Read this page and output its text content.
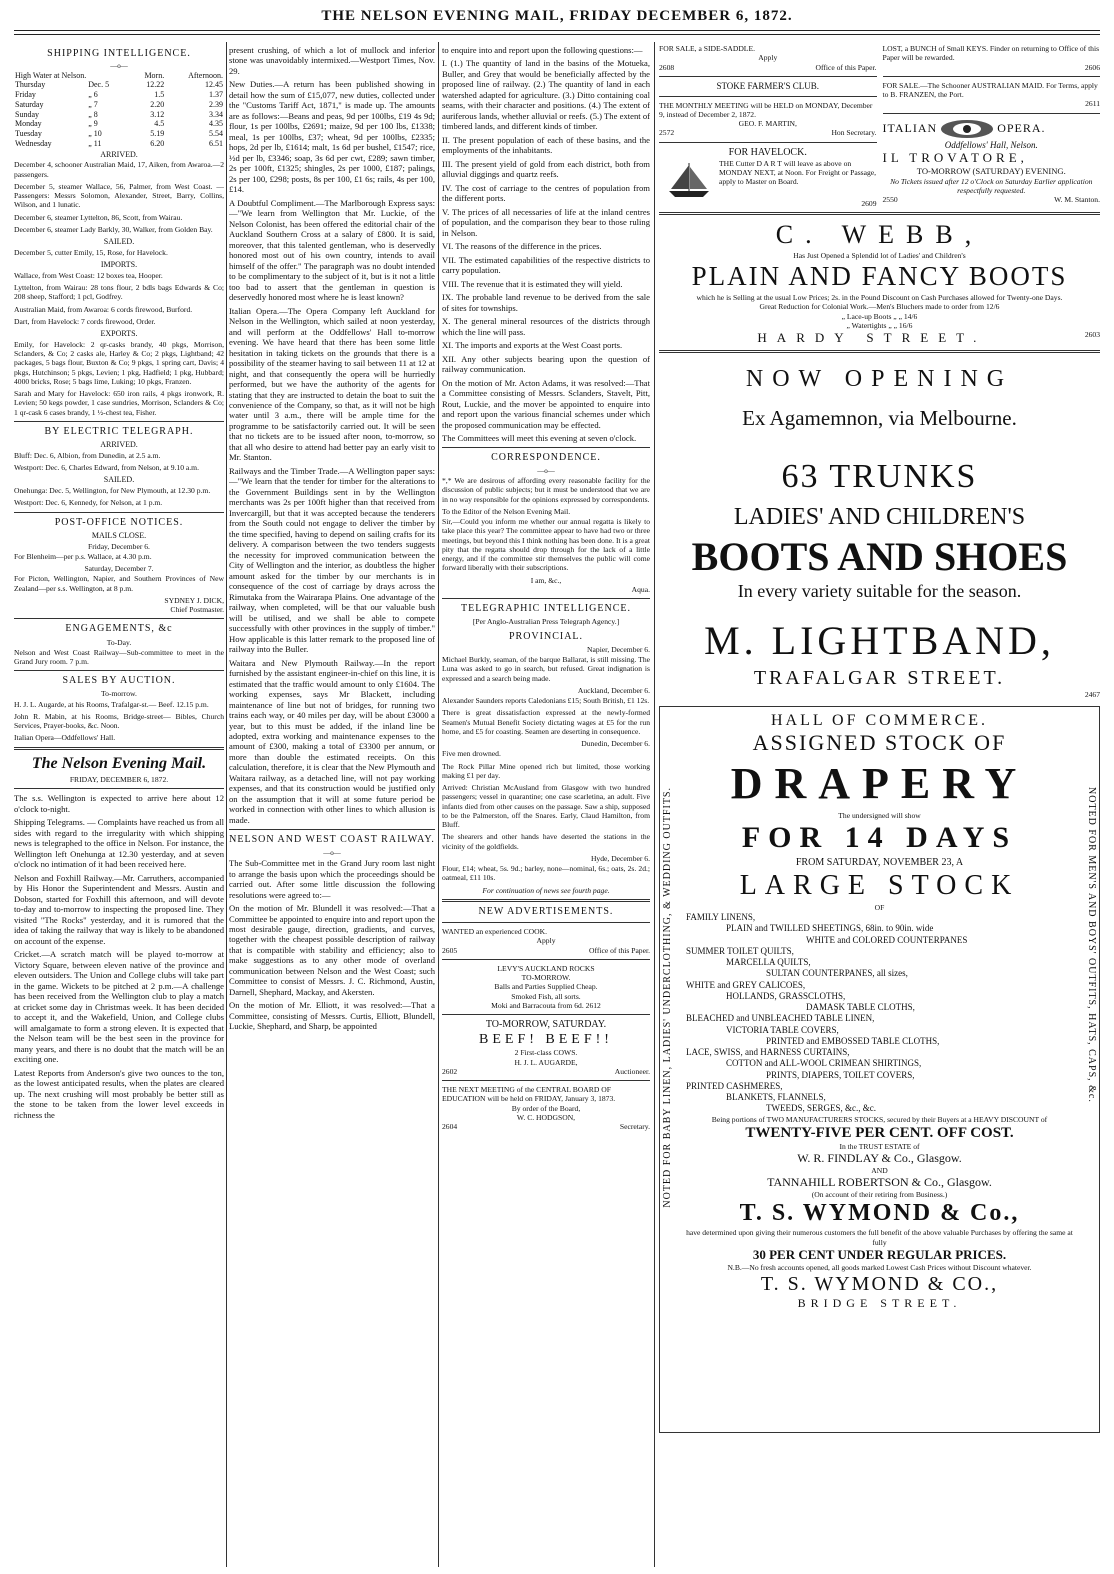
THE NELSON EVENING MAIL, FRIDAY DECEMBER 6, 1872.
SHIPPING INTELLIGENCE.
—o—
High Water at Nelson.		Morn.	Afternoon.
Thursday	Dec. 5	12.22	12.45
Friday	„ 6	1.5	1.37
Saturday	„ 7	2.20	2.39
Sunday	„ 8	3.12	3.34
Monday	„ 9	4.5	4.35
Tuesday	„ 10	5.19	5.54
Wednesday	„ 11	6.20	6.51
ARRIVED.

December 4, schooner Australian Maid, 17, Aiken, from Awaroa.—2 passengers.

December 5, steamer Wallace, 56, Palmer, from West Coast. — Passengers: Messrs Solomon, Alexander, Street, Barry, Collins, Wilson, and 1 lunatic.

December 6, steamer Lyttelton, 86, Scott, from Wairau.

December 6, steamer Lady Barkly, 30, Walker, from Golden Bay.

SAILED.

December 5, cutter Emily, 15, Rose, for Havelock.

IMPORTS.

Wallace, from West Coast: 12 boxes tea, Hooper.

Lyttelton, from Wairau: 28 tons flour, 2 bdls bags Edwards & Co; 208 sheep, Stafford; 1 pcl, Godfrey.

Australian Maid, from Awaroa: 6 cords firewood, Burford.

Dart, from Havelock: 7 cords firewood, Order.

EXPORTS.

Emily, for Havelock: 2 qr-casks brandy, 40 pkgs, Morrison, Sclanders, & Co; 2 casks ale, Harley & Co; 2 pkgs, Lightband; 42 packages, 5 bags flour, Buxton & Co; 9 pkgs, 1 spring cart, Davis; 4 pkgs, Hutchinson; 5 pkgs, Levien; 1 pkg, Hadfield; 1 pkg, Hubbard; 4000 bricks, Rose; 5 bags lime, Luking; 10 pkgs, Franzen.

Sarah and Mary for Havelock: 650 iron rails, 4 pkgs ironwork, R. Levien; 50 kegs powder, 1 case sundries, Morrison, Sclanders & Co; 1 qr-cask 6 cases brandy, 1 ½-chest tea, Fisher.

BY ELECTRIC TELEGRAPH.
ARRIVED.

Bluff: Dec. 6, Albion, from Dunedin, at 2.5 a.m.

Westport: Dec. 6, Charles Edward, from Nelson, at 9.10 a.m.

SAILED.

Onehunga: Dec. 5, Wellington, for New Plymouth, at 12.30 p.m.

Westport: Dec. 6, Kennedy, for Nelson, at 1 p.m.

POST-OFFICE NOTICES.
MAILS CLOSE.
Friday, December 6.

For Blenheim—per p.s. Wallace, at 4.30 p.m.

Saturday, December 7.

For Picton, Wellington, Napier, and Southern Provinces of New Zealand—per s.s. Wellington, at 8 p.m.

SYDNEY J. DICK,
Chief Postmaster.
ENGAGEMENTS, &c
To-Day.

Nelson and West Coast Railway—Sub-committee to meet in the Grand Jury room. 7 p.m.

SALES BY AUCTION.
To-morrow.

H. J. L. Augarde, at his Rooms, Trafalgar-st.— Beef. 12.15 p.m.

John R. Mabin, at his Rooms, Bridge-street— Bibles, Church Services, Prayer-books, &c. Noon.

Italian Opera—Oddfellows' Hall.

The Nelson Evening Mail.
FRIDAY, DECEMBER 6, 1872.

The s.s. Wellington is expected to arrive here about 12 o'clock to-night.

Shipping Telegrams. — Complaints have reached us from all sides with regard to the irregularity with which shipping news is telegraphed to the office in Nelson. For instance, the Wellington left Onehunga at 12.30 yesterday, and at seven o'clock no intimation of it had been received here.

Nelson and Foxhill Railway.—Mr. Carruthers, accompanied by His Honor the Superintendent and Messrs. Austin and Dobson, started for Foxhill this afternoon, and will devote to-day and to-morrow to inspecting the proposed line. They visited "The Rocks" yesterday, and it is rumored that the idea of taking the railway that way is likely to be abandoned on account of the expense.

Cricket.—A scratch match will be played to-morrow at Victory Square, between eleven native of the province and eleven outsiders. The Union and College clubs will take part in the game. Wickets to be pitched at 2 p.m.—A challenge has been received from the Wellington club to play a match at cricket some day in Christmas week. It has been decided to accept it, and the Wakefield, Union, and College clubs will amalgamate to form a strong eleven. It is expected that the Nelson team will be the best seen in the province for many years, and there is no doubt that the match will be an exciting one.

Latest Reports from Anderson's give two ounces to the ton, as the lowest anticipated results, when the plates are cleared up. The next crushing will most probably be better still as the stone to be taken from the lower level exceeds in richness the

present crushing, of which a lot of mullock and inferior stone was unavoidably intermixed.—Westport Times, Nov. 29.

New Duties.—A return has been published showing in detail how the sum of £15,077, new duties, collected under the "Customs Tariff Act, 1871," is made up. The amounts are as follows:—Beans and peas, 9d per 100lbs, £19 4s 9d; flour, 1s per 100lbs, £2691; maize, 9d per 100 lbs, £1338; meal, 1s per 100lbs, £37; wheat, 9d per 100lbs, £2335; hops, 2d per lb, £1614; malt, 1s 6d per bushel, £1547; rice, ½d per lb, £3346; soap, 3s 6d per cwt, £289; sawn timber, 2s per 100ft, £1325; shingles, 2s per 1000, £187; palings, 2s per 100, £298; posts, 8s per 100, £1 6s; rails, 4s per 100, £14.

A Doubtful Compliment.—The Marlborough Express says:—"We learn from Wellington that Mr. Luckie, of the Nelson Colonist, has been offered the editorial chair of the Auckland Southern Cross at a salary of £800. It is said, moreover, that this talented gentleman, who is deservedly honored most out of his own country, intends to avail himself of the offer." The paragraph was no doubt intended to be complimentary to the subject of it, but is it not a little too bad to assert that the gentleman in question is deservedly honored most where he is least known?

Italian Opera.—The Opera Company left Auckland for Nelson in the Wellington, which sailed at noon yesterday, and will perform at the Oddfellows' Hall to-morrow evening. We have heard that there has been some little hesitation in taking tickets on the grounds that there is a possibility of the steamer having to sail between 11 at 12 at night, and that consequently the opera will be hurriedly performed, but we have the authority of the agents for stating that they are instructed to detain the boat to suit the convenience of the Company, so that, as it will not be high water until 3 a.m., there will be ample time for the programme to be satisfactorily carried out. It will be seen that no tickets are to be issued after noon, to-morrow, so that all who desire to attend had better pay an early visit to Mr. Stanton.

Railways and the Timber Trade.—A Wellington paper says:—"We learn that the tender for timber for the alterations to the Government Buildings sent in by the Wellington merchants was 2s per 100ft higher than that received from Invercargill, but that it was accepted because the tenderers from the South could not engage to deliver the timber by the time specified, having to depend on sailing crafts for its delivery. A comparison between the two tenders suggests the necessity for improved communication between the City of Wellington and the interior, as doubtless the higher amount asked for the timber by our merchants is in consequence of the cost of carriage by drays across the Rimutaka from the Wairarapa Plains. One advantage of the railway, when completed, will be that our valuable bush will be utilised, and we shall be able to compete successfully with other provinces in the supply of timber." How applicable is this latter remark to the proposed line of railway into the Buller.

Waitara and New Plymouth Railway.—In the report furnished by the assistant engineer-in-chief on this line, it is estimated that the traffic would amount to only £1604. The working expenses, says Mr Blackett, including maintenance of line but not of bridges, for running two trains each way, or 40 miles per day, will be about £3000 a year, but to this must be added, if the inland line be adopted, extra working and maintenance expenses to the amount of £300, making a total of £3300 per annum, or more than double the estimated receipts. On this calculation, therefore, it is clear that the New Plymouth and Waitara railway, as a detached line, will not pay working expenses, and that its construction would be justified only on the assumption that it will at some future period be worked in connection with other lines to which allusion is made.

NELSON AND WEST COAST RAILWAY.
—o—

The Sub-Committee met in the Grand Jury room last night to arrange the basis upon which the proceedings should be carried out. After some little discussion the following resolutions were agreed to:—

On the motion of Mr. Blundell it was resolved:—That a Committee be appointed to enquire into and report upon the most desirable gauge, direction, gradients, and curves, together with the cheapest possible description of railway that is compatible with stability and efficiency; also to make suggestions as to any other mode of overland communication between Nelson and the West Coast; such Committee to consist of Messrs. J. C. Richmond, Austin, Darnell, Shephard, Mackay, and Akersten.

On the motion of Mr. Elliott, it was resolved:—That a Committee, consisting of Messrs. Curtis, Elliott, Blundell, Luckie, Shephard, and Sharp, be appointed

to enquire into and report upon the following questions:—

I. (1.) The quantity of land in the basins of the Motueka, Buller, and Grey that would be beneficially affected by the proposed line of railway. (2.) The quantity of land in each watershed adapted for agriculture. (3.) Ditto containing coal seams, with their character and positions. (4.) The extent of auriferous lands, whether alluvial or reefs. (5.) The extent of timbered lands, and different kinds of timber.

II. The present population of each of these basins, and the employments of the inhabitants.

III. The present yield of gold from each district, both from alluvial diggings and quartz reefs.

IV. The cost of carriage to the centres of population from the different ports.

V. The prices of all necessaries of life at the inland centres of population, and the comparison they bear to those ruling in Nelson.

VI. The reasons of the difference in the prices.

VII. The estimated capabilities of the respective districts to carry population.

VIII. The revenue that it is estimated they will yield.

IX. The probable land revenue to be derived from the sale of sites for townships.

X. The general mineral resources of the districts through which the line will pass.

XI. The imports and exports at the West Coast ports.

XII. Any other subjects bearing upon the question of railway communication.

On the motion of Mr. Acton Adams, it was resolved:—That a Committee consisting of Messrs. Sclanders, Stavelt, Pitt, Rout, Luckie, and the mover be appointed to enquire into and report upon the various financial schemes under which the proposed communication may be effected.

The Committees will meet this evening at seven o'clock.

CORRESPONDENCE.
—o—

*,* We are desirous of affording every reasonable facility for the discussion of public subjects; but it must be understood that we are in no way responsible for the opinions expressed by correspondents.

To the Editor of the Nelson Evening Mail.

Sir,—Could you inform me whether our annual regatta is likely to take place this year? The committee appear to have had two or three meetings, but beyond this I think nothing has been done. It is a great pity that the regatta should drop through for the lack of a little energy, and if the committee stir themselves the public will come forward liberally with their subscriptions.

I am, &c.,
Aqua.
TELEGRAPHIC INTELLIGENCE.
[Per Anglo-Australian Press Telegraph Agency.]
PROVINCIAL.
Napier, December 6.

Michael Burkly, seaman, of the barque Ballarat, is still missing. The Luna was asked to go in search, but refused. Great indignation is expressed and a search being made.

Auckland, December 6.

Alexander Saunders reports Caledonians £15; South British, £1 12s.

There is great dissatisfaction expressed at the newly-formed Seamen's Mutual Benefit Society dictating wages at £5 for the run home, and £5 for coasting. Seamen are deserting in consequence.

Dunedin, December 6.

Five men drowned.

The Rock Pillar Mine opened rich but limited, those working making £1 per day.

Arrived: Christian McAusland from Glasgow with two hundred passengers; vessel in quarantine; one case scarletina, an adult. Five infants died from other causes on the passage. Saw a ship, supposed to be the Palmerston, off the Snares. Early, Claud Hamilton, from Bluff.

The shearers and other hands have deserted the stations in the vicinity of the goldfields.

Hyde, December 6.

Flour, £14; wheat, 5s. 9d.; barley, none—nominal, 6s.; oats, 2s. 2d.; oatmeal, £11 10s.

For continuation of news see fourth page.
NEW ADVERTISEMENTS.
WANTED an experienced COOK.
Apply
2605	Office of this Paper.
LEVY'S AUCKLAND ROCKS
TO-MORROW.
Balls and Parties Supplied Cheap.
Smoked Fish, all sorts.
Moki and Barracouta from 6d. 2612
TO-MORROW, SATURDAY.
BEEF! BEEF!!
2 First-class COWS.
H. J. L. AUGARDE,
2602	Auctioneer.
THE NEXT MEETING of the CENTRAL BOARD OF EDUCATION will be held on FRIDAY, January 3, 1873.
By order of the Board,
W. C. HODGSON,
2604	Secretary.
FOR SALE, a SIDE-SADDLE.
Apply
2608	Office of this Paper.
STOKE FARMER'S CLUB.
THE MONTHLY MEETING will be HELD on MONDAY, December 9, instead of December 2, 1872.
GEO. F. MARTIN,
2572	Hon Secretary.
FOR HAVELOCK.
THE Cutter D A R T will leave as above on MONDAY NEXT, at Noon. For Freight or Passage, apply to Master on Board.
2609
LOST, a BUNCH of Small KEYS. Finder on returning to Office of this Paper will be rewarded.
2606
FOR SALE.—The Schooner AUSTRALIAN MAID. For Terms, apply to B. FRANZEN, the Port.
2611
ITALIAN	OPERA.
Oddfellows' Hall, Nelson.
IL TROVATORE,
TO-MORROW (SATURDAY) EVENING.
No Tickets issued after 12 o'Clock on Saturday Earlier application respectfully requested.
2550	W. M. Stanton.
C. WEBB,
Has Just Opened a Splendid lot of Ladies' and Children's
PLAIN AND FANCY BOOTS
which he is Selling at the usual Low Prices; 2s. in the Pound Discount on Cash Purchases allowed for Twenty-one Days.
Great Reduction for Colonial Work.—Men's Bluchers made to order from 12/6
„ Lace-up Boots „ „ 14/6
„ Watertights „ „ 16/6
HARDY STREET.	2603
NOW OPENING
Ex Agamemnon, via Melbourne.
63 TRUNKS
LADIES' AND CHILDREN'S
BOOTS AND SHOES
In every variety suitable for the season.
M. LIGHTBAND,
TRAFALGAR STREET.
2467
NOTED FOR BABY LINEN, LADIES' UNDERCLOTHING, & WEDDING OUTFITS.	NOTED FOR MEN'S AND BOYS' OUTFITS, HATS, CAPS, &c.
HALL OF COMMERCE.
ASSIGNED STOCK OF
DRAPERY
The undersigned will show
FOR 14 DAYS
FROM SATURDAY, NOVEMBER 23, A
LARGE STOCK
OF
FAMILY LINENS,
PLAIN and TWILLED SHEETINGS, 68in. to 90in. wide
WHITE and COLORED COUNTERPANES
SUMMER TOILET QUILTS,
MARCELLA QUILTS,
SULTAN COUNTERPANES, all sizes,
WHITE and GREY CALICOES,
HOLLANDS, GRASSCLOTHS,
DAMASK TABLE CLOTHS,
BLEACHED and UNBLEACHED TABLE LINEN,
VICTORIA TABLE COVERS,
PRINTED and EMBOSSED TABLE CLOTHS,
LACE, SWISS, and HARNESS CURTAINS,
COTTON and ALL-WOOL CRIMEAN SHIRTINGS,
PRINTS, DIAPERS, TOILET COVERS,
PRINTED CASHMERES,
BLANKETS, FLANNELS,
TWEEDS, SERGES, &c., &c.
Being portions of TWO MANUFACTURERS STOCKS, secured by their Buyers at a HEAVY DISCOUNT of
TWENTY-FIVE PER CENT. OFF COST.
In the TRUST ESTATE of
W. R. FINDLAY & Co., Glasgow.
AND
TANNAHILL ROBERTSON & Co., Glasgow.
(On account of their retiring from Business.)
T. S. WYMOND & Co.,
have determined upon giving their numerous customers the full benefit of the above valuable Purchases by offering the same at fully
30 PER CENT UNDER REGULAR PRICES.
N.B.—No fresh accounts opened, all goods marked Lowest Cash Prices without Discount whatever.
T. S. WYMOND & CO.,
BRIDGE STREET.
